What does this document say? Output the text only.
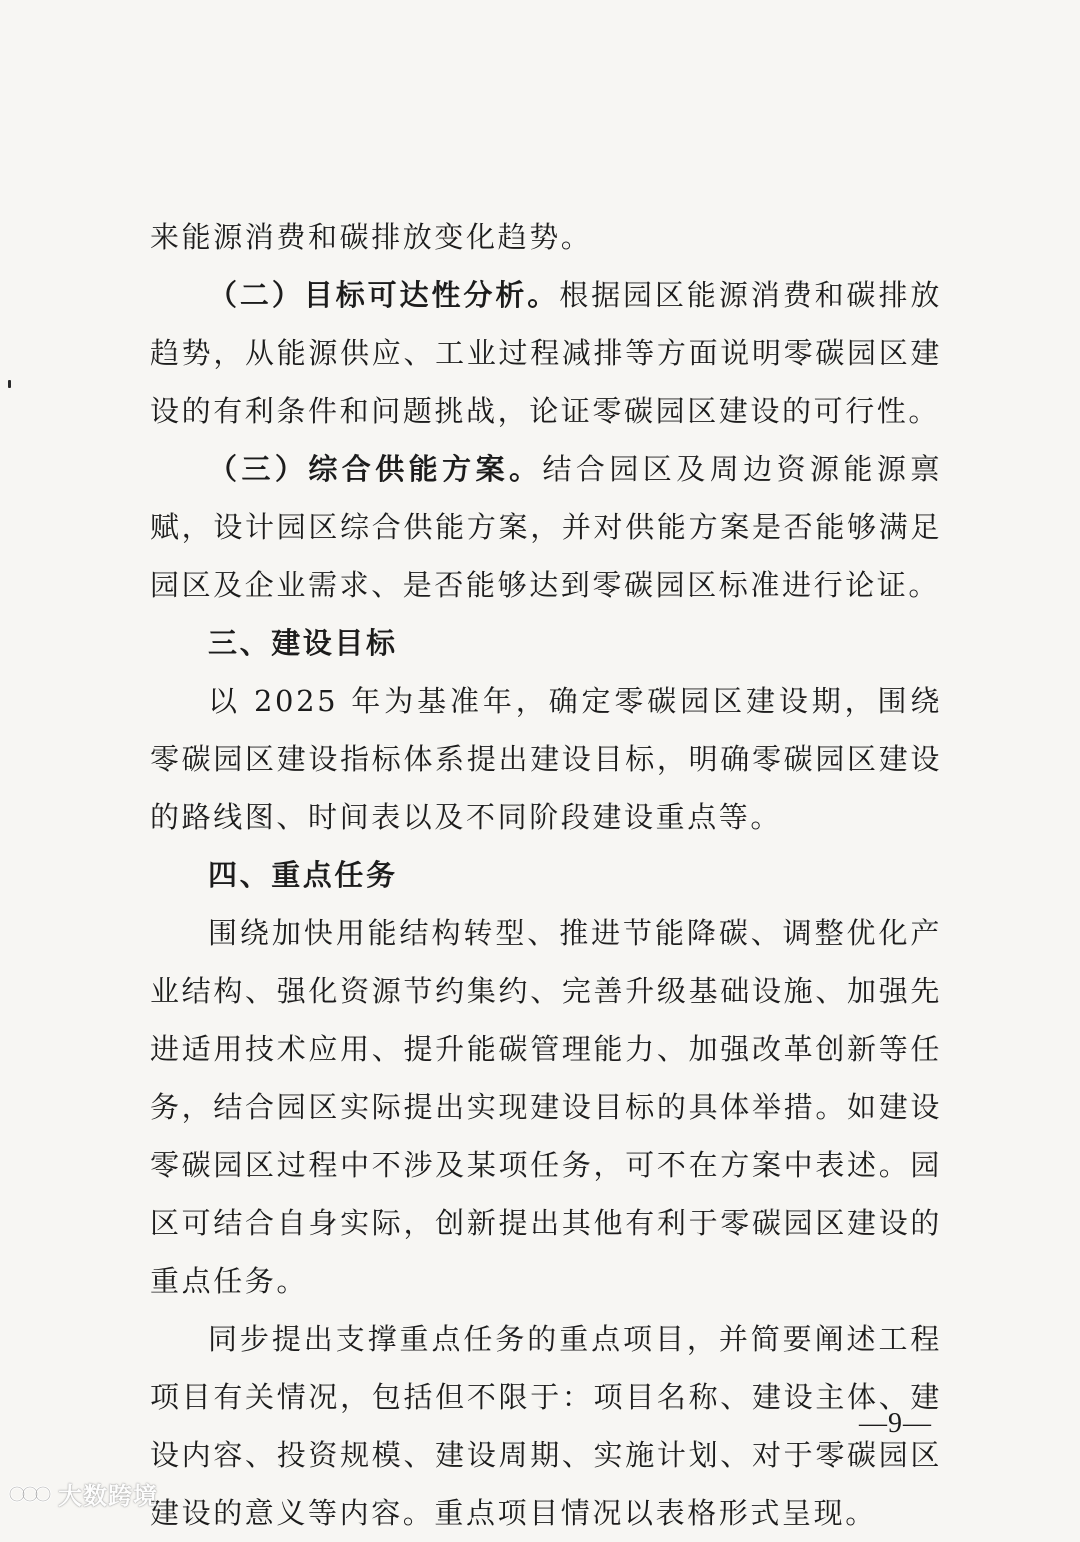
来能源消费和碳排放变化趋势。

（二）目标可达性分析。根据园区能源消费和碳排放趋势，从能源供应、工业过程减排等方面说明零碳园区建设的有利条件和问题挑战，论证零碳园区建设的可行性。

（三）综合供能方案。结合园区及周边资源能源禀赋，设计园区综合供能方案，并对供能方案是否能够满足园区及企业需求、是否能够达到零碳园区标准进行论证。

三、建设目标

以 2025 年为基准年，确定零碳园区建设期，围绕零碳园区建设指标体系提出建设目标，明确零碳园区建设的路线图、时间表以及不同阶段建设重点等。

四、重点任务

围绕加快用能结构转型、推进节能降碳、调整优化产业结构、强化资源节约集约、完善升级基础设施、加强先进适用技术应用、提升能碳管理能力、加强改革创新等任务，结合园区实际提出实现建设目标的具体举措。如建设零碳园区过程中不涉及某项任务，可不在方案中表述。园区可结合自身实际，创新提出其他有利于零碳园区建设的重点任务。

同步提出支撑重点任务的重点项目，并简要阐述工程项目有关情况，包括但不限于：项目名称、建设主体、建设内容、投资规模、建设周期、实施计划、对于零碳园区建设的意义等内容。重点项目情况以表格形式呈现。

—9—
大数跨境
